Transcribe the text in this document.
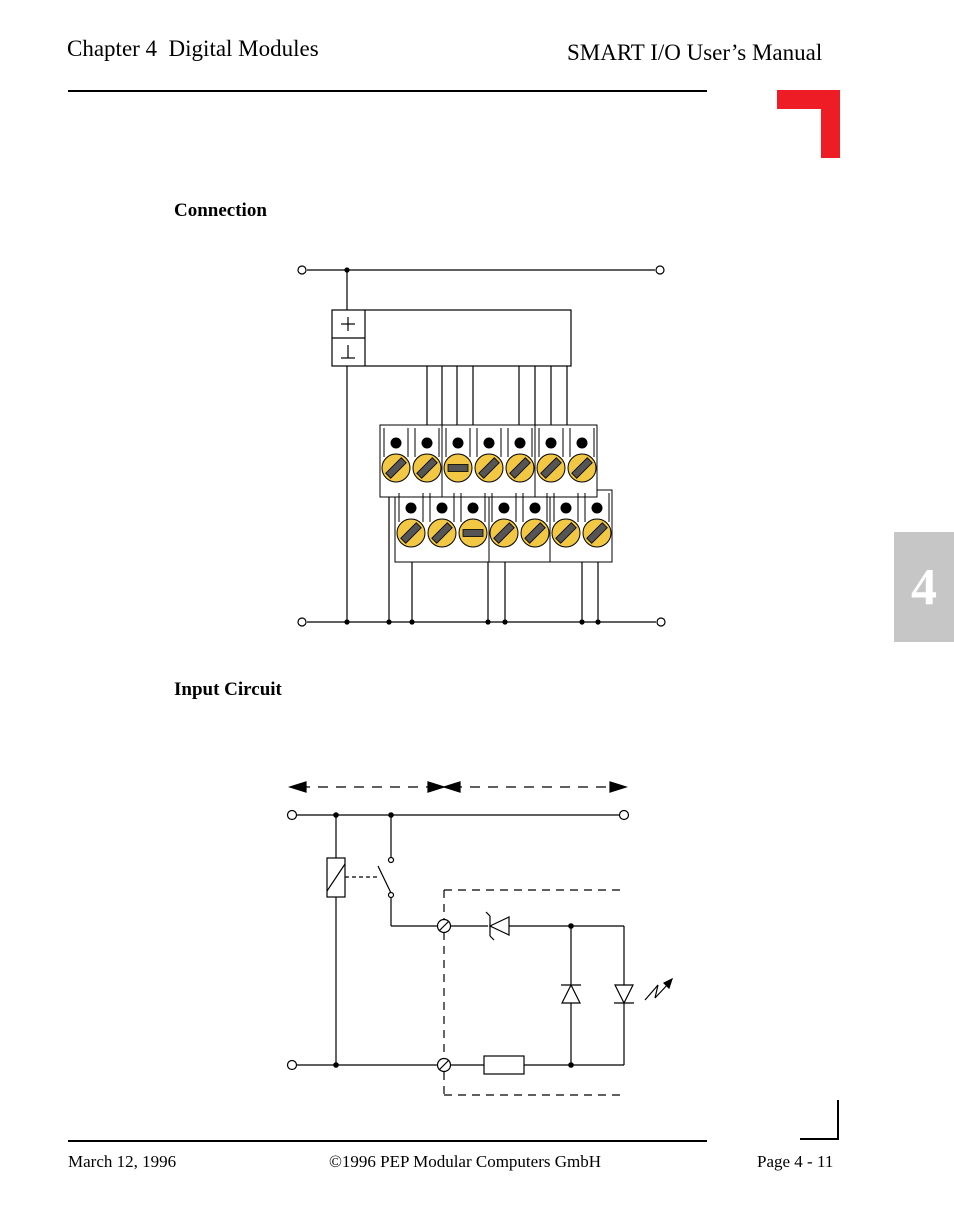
Chapter 4  Digital Modules	SMART I/O User’s Manual
4
Connection
Input Circuit
March 12, 1996	©1996 PEP Modular Computers GmbH	Page 4 - 11
